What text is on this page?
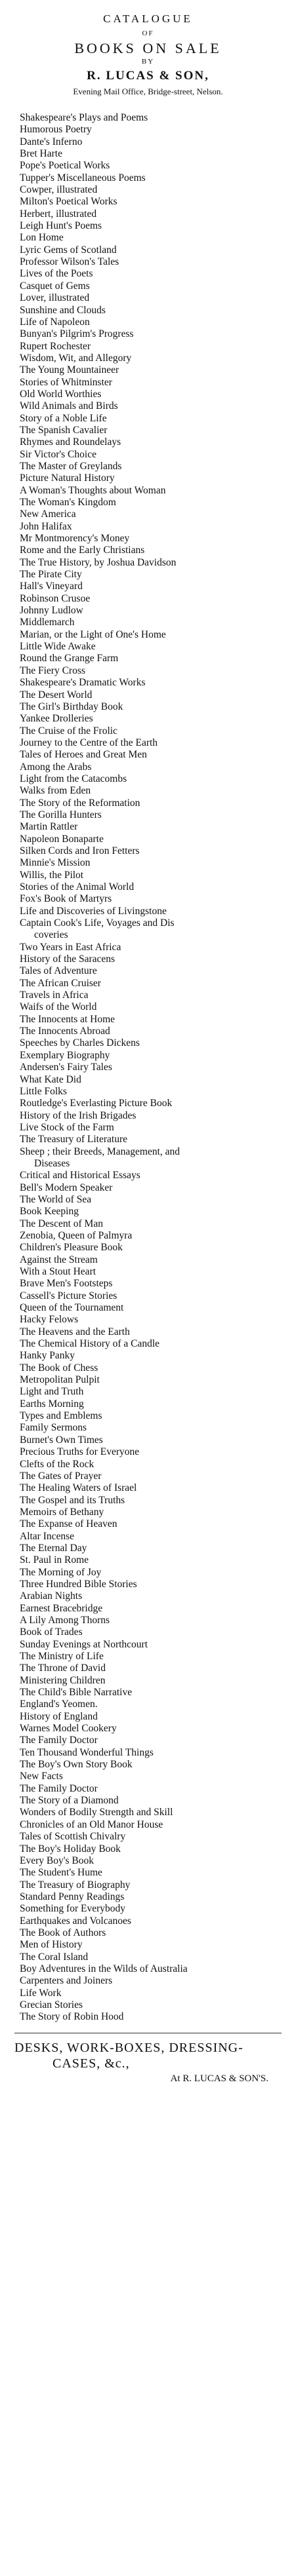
CATALOGUE
OF
BOOKS ON SALE
BY
R. LUCAS & SON,
Evening Mail Office, Bridge-street, Nelson.
Shakespeare's Plays and Poems
Humorous Poetry
Dante's Inferno
Bret Harte
Pope's Poetical Works
Tupper's Miscellaneous Poems
Cowper, illustrated
Milton's Poetical Works
Herbert, illustrated
Leigh Hunt's Poems
Lon Home
Lyric Gems of Scotland
Professor Wilson's Tales
Lives of the Poets
Casquet of Gems
Lover, illustrated
Sunshine and Clouds
Life of Napoleon
Bunyan's Pilgrim's Progress
Rupert Rochester
Wisdom, Wit, and Allegory
The Young Mountaineer
Stories of Whitminster
Old World Worthies
Wild Animals and Birds
Story of a Noble Life
The Spanish Cavalier
Rhymes and Roundelays
Sir Victor's Choice
The Master of Greylands
Picture Natural History
A Woman's Thoughts about Woman
The Woman's Kingdom
New America
John Halifax
Mr Montmorency's Money
Rome and the Early Christians
The True History, by Joshua Davidson
The Pirate City
Hall's Vineyard
Robinson Crusoe
Johnny Ludlow
Middlemarch
Marian, or the Light of One's Home
Little Wide Awake
Round the Grange Farm
The Fiery Cross
Shakespeare's Dramatic Works
The Desert World
The Girl's Birthday Book
Yankee Drolleries
The Cruise of the Frolic
Journey to the Centre of the Earth
Tales of Heroes and Great Men
Among the Arabs
Light from the Catacombs
Walks from Eden
The Story of the Reformation
The Gorilla Hunters
Martin Rattler
Napoleon Bonaparte
Silken Cords and Iron Fetters
Minnie's Mission
Willis, the Pilot
Stories of the Animal World
Fox's Book of Martyrs
Life and Discoveries of Livingstone
Captain Cook's Life, Voyages and Dis
coveries
Two Years in East Africa
History of the Saracens
Tales of Adventure
The African Cruiser
Travels in Africa
Waifs of the World
The Innocents at Home
The Innocents Abroad
Speeches by Charles Dickens
Exemplary Biography
Andersen's Fairy Tales
What Kate Did
Little Folks
Routledge's Everlasting Picture Book
History of the Irish Brigades
Live Stock of the Farm
The Treasury of Literature
Sheep ; their Breeds, Management, and
Diseases
Critical and Historical Essays
Bell's Modern Speaker
The World of Sea
Book Keeping
The Descent of Man
Zenobia, Queen of Palmyra
Children's Pleasure Book
Against the Stream
With a Stout Heart
Brave Men's Footsteps
Cassell's Picture Stories
Queen of the Tournament
Hacky Felows
The Heavens and the Earth
The Chemical History of a Candle
Hanky Panky
The Book of Chess
Metropolitan Pulpit
Light and Truth
Earths Morning
Types and Emblems
Family Sermons
Burnet's Own Times
Precious Truths for Everyone
Clefts of the Rock
The Gates of Prayer
The Healing Waters of Israel
The Gospel and its Truths
Memoirs of Bethany
The Expanse of Heaven
Altar Incense
The Eternal Day
St. Paul in Rome
The Morning of Joy
Three Hundred Bible Stories
Arabian Nights
Earnest Bracebridge
A Lily Among Thorns
Book of Trades
Sunday Evenings at Northcourt
The Ministry of Life
The Throne of David
Ministering Children
The Child's Bible Narrative
England's Yeomen.
History of England
Warnes Model Cookery
The Family Doctor
Ten Thousand Wonderful Things
The Boy's Own Story Book
New Facts
The Family Doctor
The Story of a Diamond
Wonders of Bodily Strength and Skill
Chronicles of an Old Manor House
Tales of Scottish Chivalry
The Boy's Holiday Book
Every Boy's Book
The Student's Hume
The Treasury of Biography
Standard Penny Readings
Something for Everybody
Earthquakes and Volcanoes
The Book of Authors
Men of History
The Coral Island
Boy Adventures in the Wilds of Australia
Carpenters and Joiners
Life Work
Grecian Stories
The Story of Robin Hood
DESKS, WORK-BOXES, DRESSING-
CASES, &c.,
At R. LUCAS & SON'S.
